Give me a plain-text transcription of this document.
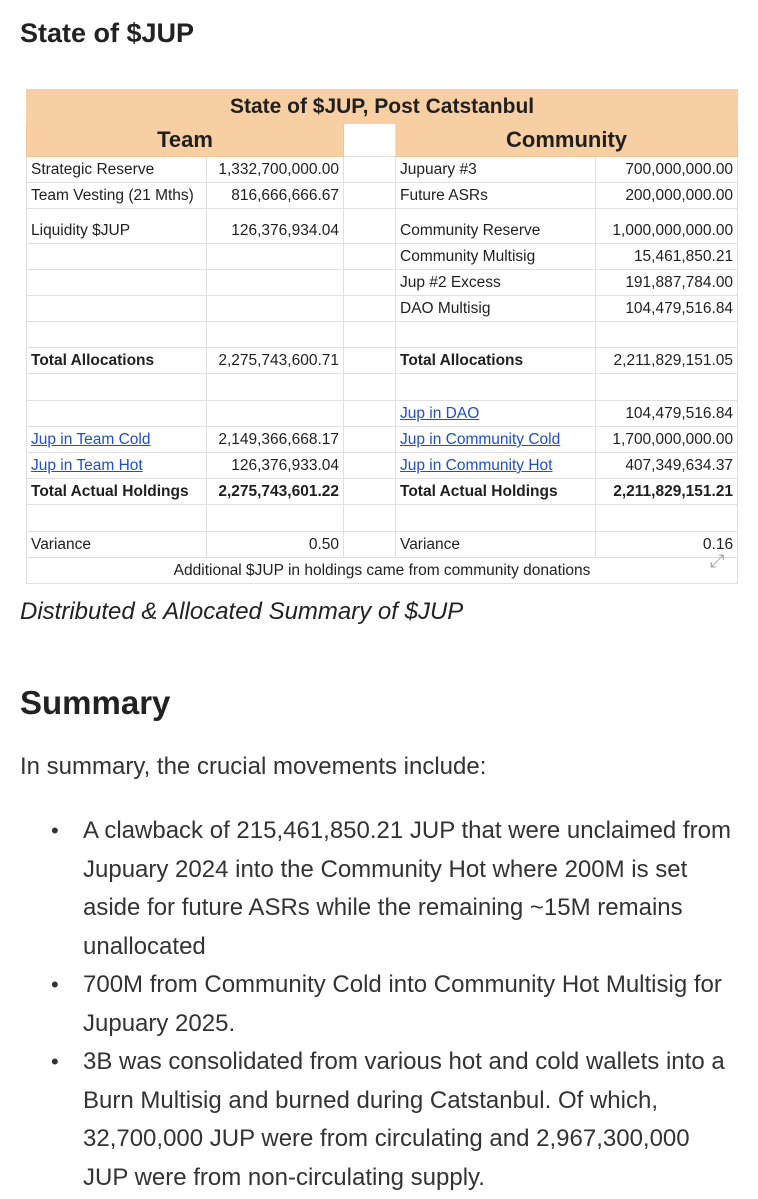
State of $JUP
State of $JUP, Post Catstanbul				
Team			Community	
Strategic Reserve	1,332,700,000.00		Jupuary #3	700,000,000.00
Team Vesting (21 Mths)	816,666,666.67		Future ASRs	200,000,000.00
Liquidity $JUP	126,376,934.04		Community Reserve	1,000,000,000.00
			Community Multisig	15,461,850.21
			Jup #2 Excess	191,887,784.00
			DAO Multisig	104,479,516.84

Total Allocations	2,275,743,600.71		Total Allocations	2,211,829,151.05

			Jup in DAO	104,479,516.84
Jup in Team Cold	2,149,366,668.17		Jup in Community Cold	1,700,000,000.00
Jup in Team Hot	126,376,933.04		Jup in Community Hot	407,349,634.37
Total Actual Holdings	2,275,743,601.22		Total Actual Holdings	2,211,829,151.21

Variance	0.50		Variance	0.16
Additional $JUP in holdings came from community donations					⤢
Distributed & Allocated Summary of $JUP
Summary
In summary, the crucial movements include:
• A clawback of 215,461,850.21 JUP that were unclaimed from Jupuary 2024 into the Community Hot where 200M is set aside for future ASRs while the remaining ~15M remains unallocated
• 700M from Community Cold into Community Hot Multisig for Jupuary 2025.
• 3B was consolidated from various hot and cold wallets into a Burn Multisig and burned during Catstanbul. Of which, 32,700,000 JUP were from circulating and 2,967,300,000 JUP were from non-circulating supply.
